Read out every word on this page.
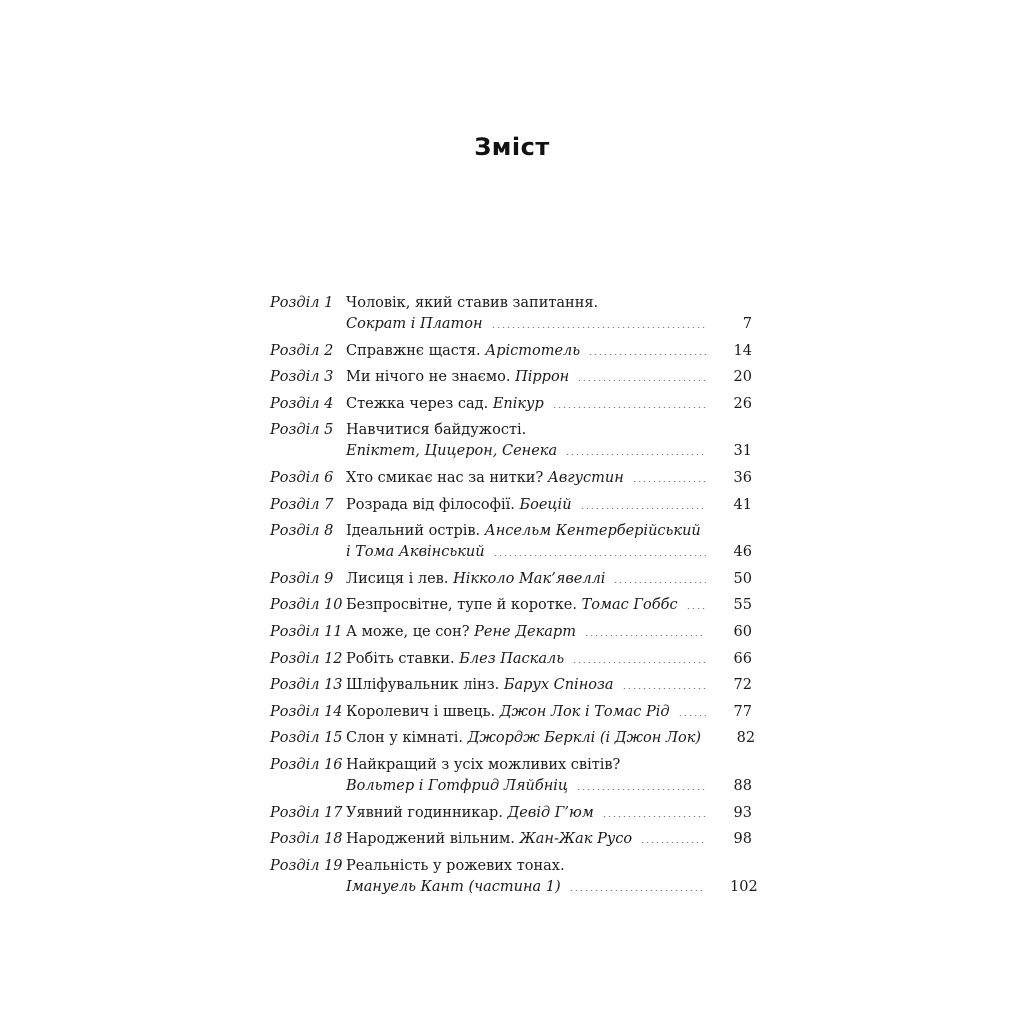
Зміст
Розділ 1 Чоловік, який ставив запитання.
Сократ і Платон	7
Розділ 2 Справжнє щастя. Арістотель	14
Розділ 3 Ми нічого не знаємо. Піррон	20
Розділ 4 Стежка через сад. Епікур	26
Розділ 5 Навчитися байдужості.
Епіктет, Цицерон, Сенека	31
Розділ 6 Хто смикає нас за нитки? Августин	36
Розділ 7 Розрада від філософії. Боецій	41
Розділ 8 Ідеальний острів. Ансельм Кентерберійський
і Тома Аквінський	46
Розділ 9 Лисиця і лев. Нікколо Мак’явеллі	50
Розділ 10 Безпросвітне, тупе й коротке. Томас Гоббс	55
Розділ 11 А може, це сон? Рене Декарт	60
Розділ 12 Робіть ставки. Блез Паскаль	66
Розділ 13 Шліфувальник лінз. Барух Спіноза	72
Розділ 14 Королевич і швець. Джон Лок і Томас Рід	77
Розділ 15 Слон у кімнаті. Джордж Берклі (і Джон Лок) 82
Розділ 16 Найкращий з усіх можливих світів?
Вольтер і Готфрид Ляйбніц	88
Розділ 17 Уявний годинникар. Девід Г’юм	93
Розділ 18 Народжений вільним. Жан-Жак Русо	98
Розділ 19 Реальність у рожевих тонах.
Імануель Кант (частина 1)	102
